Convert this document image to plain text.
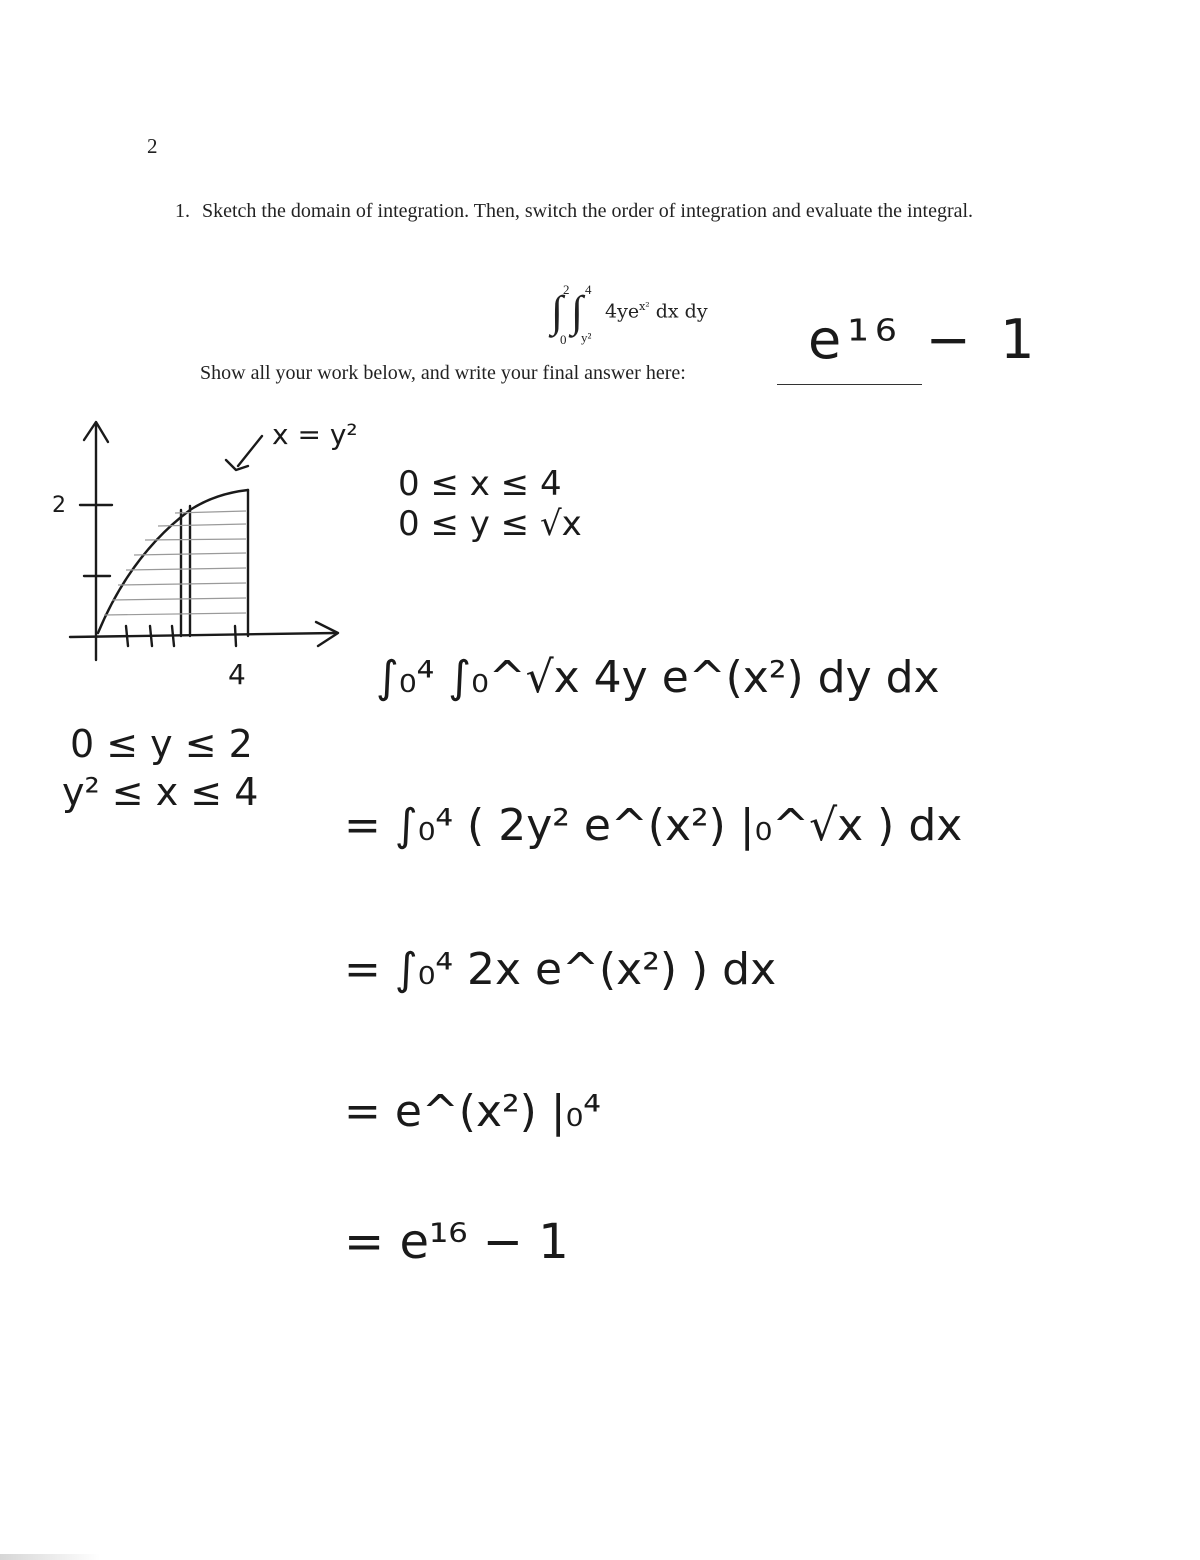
2
1. Sketch the domain of integration. Then, switch the order of integration and evaluate the integral.
∫ ∫
2
0
4
y²
$4ye^{x^2}$ dx dy
Show all your work below, and write your final answer here:
e¹⁶ − 1
x = y²
2
4
0 ≤ y ≤ 2
y² ≤ x ≤ 4
0 ≤ x ≤ 4
0 ≤ y ≤ √x
∫₀⁴ ∫₀^√x 4y e^(x²) dy dx
= ∫₀⁴ ( 2y² e^(x²) |₀^√x ) dx
= ∫₀⁴ 2x e^(x²) ) dx
= e^(x²) |₀⁴
= e¹⁶ − 1
